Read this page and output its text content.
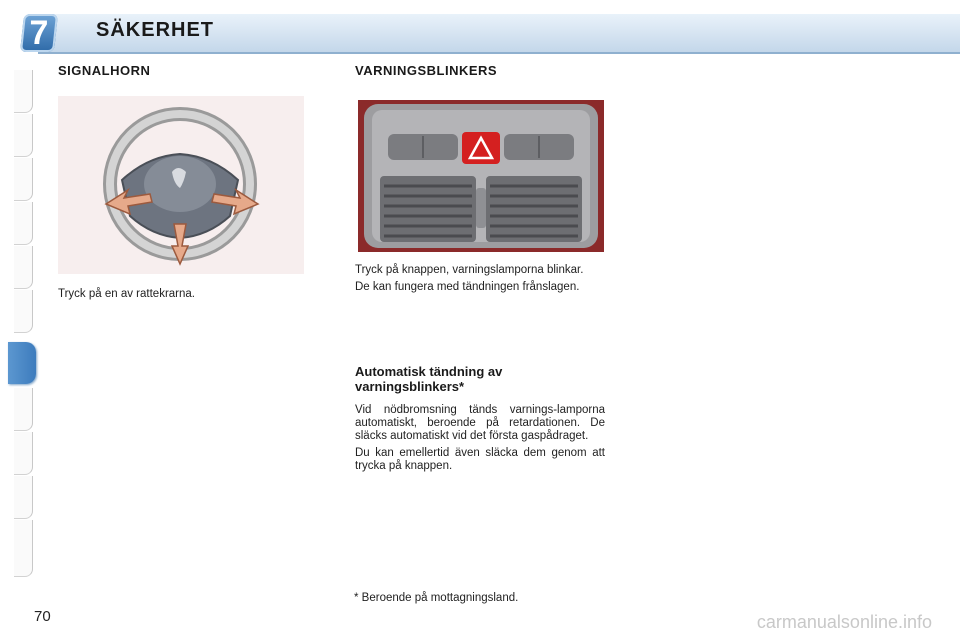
7	SÄKERHET
SIGNALHORN
Tryck på en av rattekrarna.
VARNINGSBLINKERS

Tryck på knappen, varningslamporna blinkar.

De kan fungera med tändningen frånslagen.

Automatisk tändning av varningsblinkers*

Vid nödbromsning tänds varnings-lamporna automatiskt, beroende på retardationen. De släcks automatiskt vid det första gaspådraget.

Du kan emellertid även släcka dem genom att trycka på knappen.

* Beroende på mottagningsland.
70	carmanualsonline.info
